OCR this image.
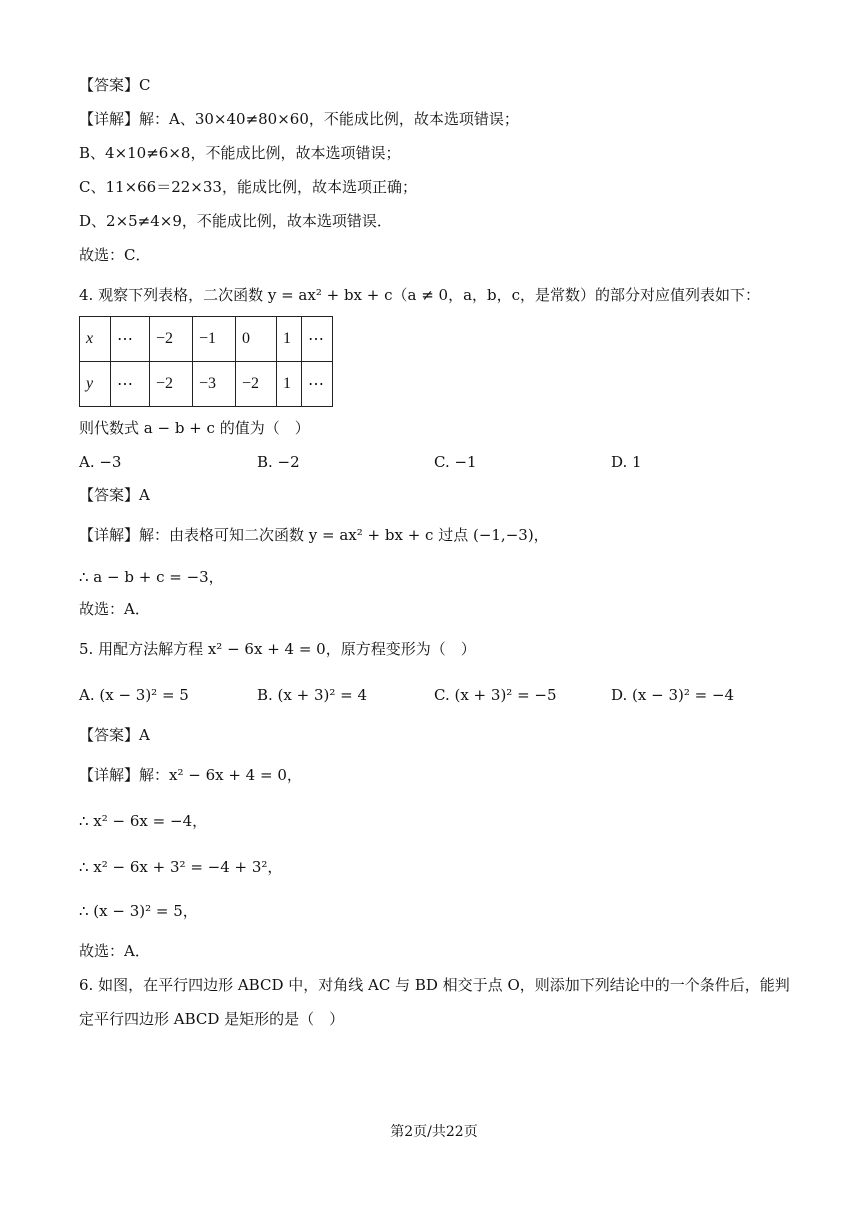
【答案】C
【详解】解：A、30×40≠80×60，不能成比例，故本选项错误；
B、4×10≠6×8，不能成比例，故本选项错误；
C、11×66＝22×33，能成比例，故本选项正确；
D、2×5≠4×9，不能成比例，故本选项错误．
故选：C．
4. 观察下列表格，二次函数 y = ax² + bx + c（a ≠ 0，a，b，c，是常数）的部分对应值列表如下：
x	⋯	−2	−1	0	1	⋯
y	⋯	−2	−3	−2	1	⋯
则代数式 a − b + c 的值为（　）
A. −3	B. −2	C. −1	D. 1
【答案】A
【详解】解：由表格可知二次函数 y = ax² + bx + c 过点 (−1,−3)，
∴ a − b + c = −3，
故选：A．
5. 用配方法解方程 x² − 6x + 4 = 0，原方程变形为（　）
A. (x − 3)² = 5	B. (x + 3)² = 4	C. (x + 3)² = −5	D. (x − 3)² = −4
【答案】A
【详解】解：x² − 6x + 4 = 0，
∴ x² − 6x = −4，
∴ x² − 6x + 3² = −4 + 3²，
∴ (x − 3)² = 5，
故选：A．
6. 如图，在平行四边形 ABCD 中，对角线 AC 与 BD 相交于点 O，则添加下列结论中的一个条件后，能判
定平行四边形 ABCD 是矩形的是（　）
第2页/共22页
